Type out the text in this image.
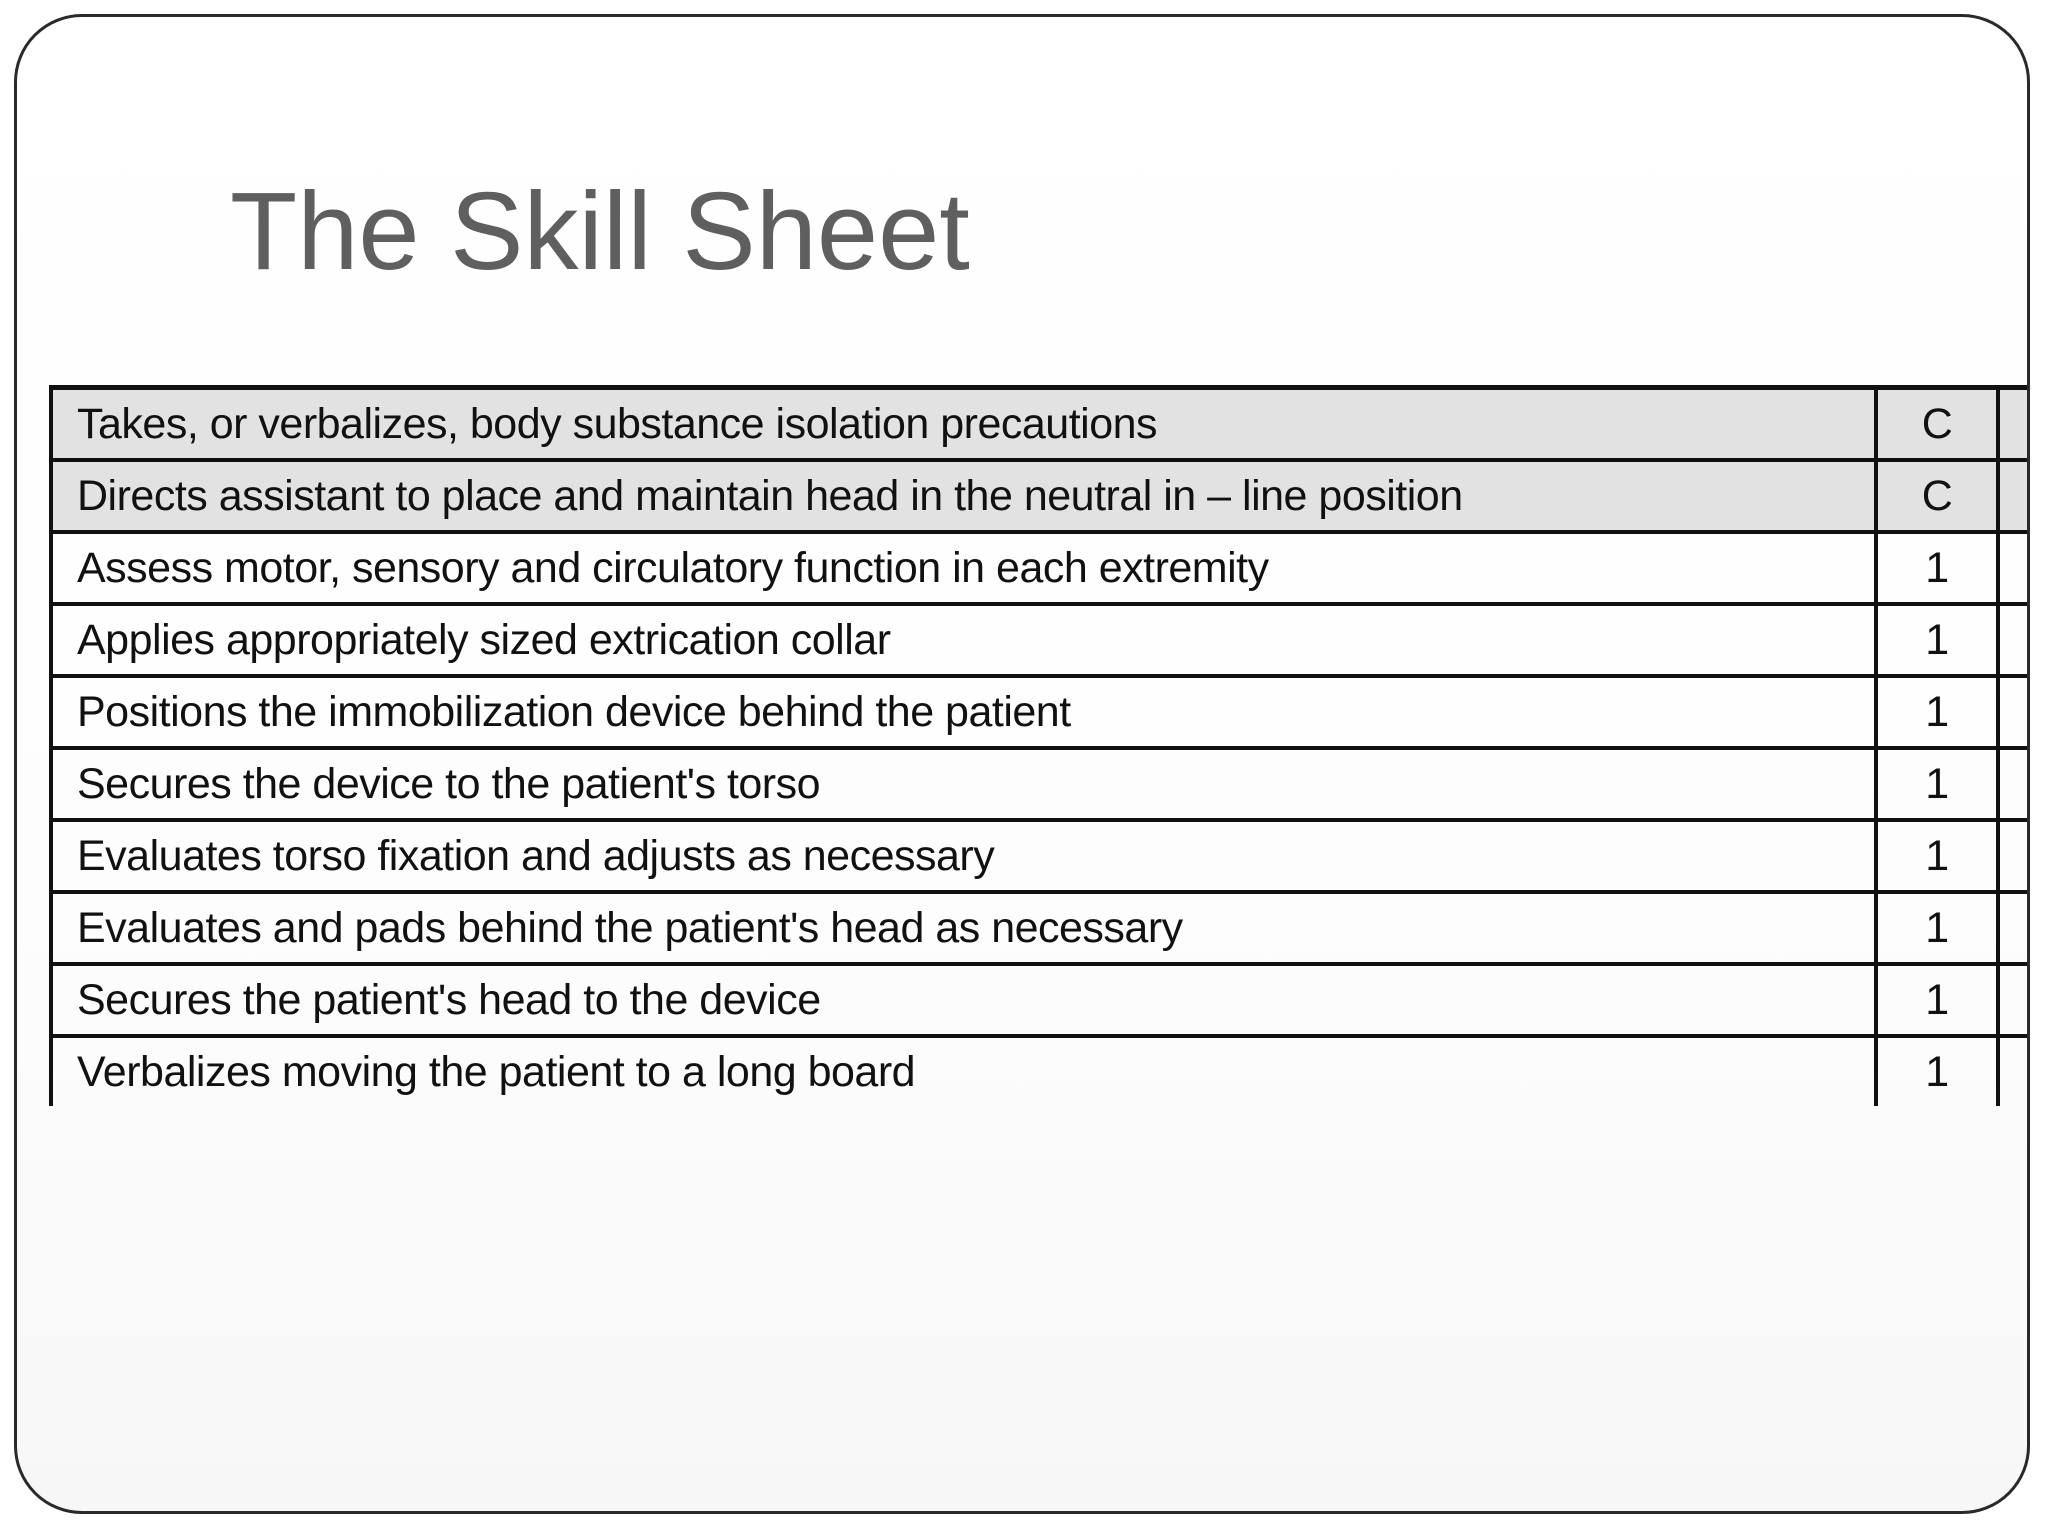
The Skill Sheet
Takes, or verbalizes, body substance isolation precautions	C	
Directs assistant to place and maintain head in the neutral in – line position	C	
Assess motor, sensory and circulatory function in each extremity	1	
Applies appropriately sized extrication collar	1	
Positions the immobilization device behind the patient	1	
Secures the device to the patient's torso	1	
Evaluates torso fixation and adjusts as necessary	1	
Evaluates and pads behind the patient's head as necessary	1	
Secures the patient's head to the device	1	
Verbalizes moving the patient to a long board	1	
